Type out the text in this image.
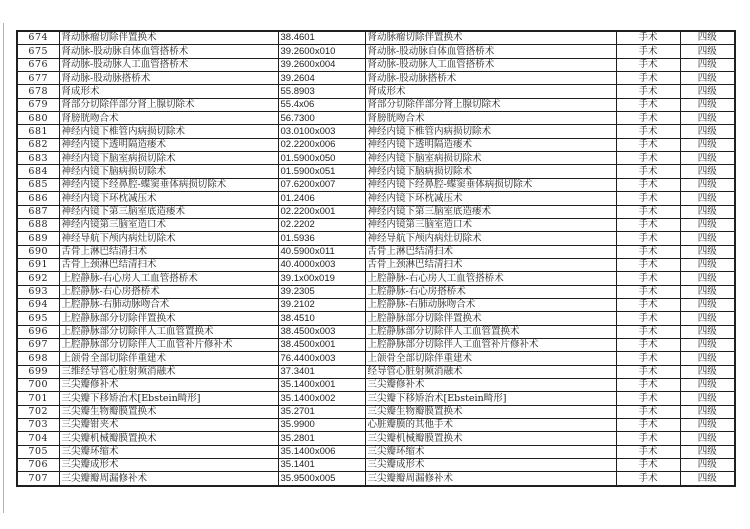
674	肾动脉瘤切除伴置换术	38.4601	肾动脉瘤切除伴置换术	手术	四级
675	肾动脉-股动脉自体血管搭桥术	39.2600x010	肾动脉-股动脉自体血管搭桥术	手术	四级
676	肾动脉-股动脉人工血管搭桥术	39.2600x004	肾动脉-股动脉人工血管搭桥术	手术	四级
677	肾动脉-股动脉搭桥术	39.2604	肾动脉-股动脉搭桥术	手术	四级
678	肾成形术	55.8903	肾成形术	手术	四级
679	肾部分切除伴部分肾上腺切除术	55.4x06	肾部分切除伴部分肾上腺切除术	手术	四级
680	肾膀胱吻合术	56.7300	肾膀胱吻合术	手术	四级
681	神经内镜下椎管内病损切除术	03.0100x003	神经内镜下椎管内病损切除术	手术	四级
682	神经内镜下透明隔造瘘术	02.2200x006	神经内镜下透明隔造瘘术	手术	四级
683	神经内镜下脑室病损切除术	01.5900x050	神经内镜下脑室病损切除术	手术	四级
684	神经内镜下脑病损切除术	01.5900x051	神经内镜下脑病损切除术	手术	四级
685	神经内镜下经鼻腔-蝶窦垂体病损切除术	07.6200x007	神经内镜下经鼻腔-蝶窦垂体病损切除术	手术	四级
686	神经内镜下环枕减压术	01.2406	神经内镜下环枕减压术	手术	四级
687	神经内镜下第三脑室底造瘘术	02.2200x001	神经内镜下第三脑室底造瘘术	手术	四级
688	神经内镜第三脑室造口术	02.2202	神经内镜第三脑室造口术	手术	四级
689	神经导航下颅内病灶切除术	01.5936	神经导航下颅内病灶切除术	手术	四级
690	舌骨上淋巴结清扫术	40.5900x011	舌骨上淋巴结清扫术	手术	四级
691	舌骨上颈淋巴结清扫术	40.4000x003	舌骨上颈淋巴结清扫术	手术	四级
692	上腔静脉-右心房人工血管搭桥术	39.1x00x019	上腔静脉-右心房人工血管搭桥术	手术	四级
693	上腔静脉-右心房搭桥术	39.2305	上腔静脉-右心房搭桥术	手术	四级
694	上腔静脉-右肺动脉吻合术	39.2102	上腔静脉-右肺动脉吻合术	手术	四级
695	上腔静脉部分切除伴置换术	38.4510	上腔静脉部分切除伴置换术	手术	四级
696	上腔静脉部分切除伴人工血管置换术	38.4500x003	上腔静脉部分切除伴人工血管置换术	手术	四级
697	上腔静脉部分切除伴人工血管补片修补术	38.4500x001	上腔静脉部分切除伴人工血管补片修补术	手术	四级
698	上颌骨全部切除伴重建术	76.4400x003	上颌骨全部切除伴重建术	手术	四级
699	三维经导管心脏射频消融术	37.3401	经导管心脏射频消融术	手术	四级
700	三尖瓣修补术	35.1400x001	三尖瓣修补术	手术	四级
701	三尖瓣下移矫治术[Ebstein畸形]	35.1400x002	三尖瓣下移矫治术[Ebstein畸形]	手术	四级
702	三尖瓣生物瓣膜置换术	35.2701	三尖瓣生物瓣膜置换术	手术	四级
703	三尖瓣钳夹术	35.9900	心脏瓣膜的其他手术	手术	四级
704	三尖瓣机械瓣膜置换术	35.2801	三尖瓣机械瓣膜置换术	手术	四级
705	三尖瓣环缩术	35.1400x006	三尖瓣环缩术	手术	四级
706	三尖瓣成形术	35.1401	三尖瓣成形术	手术	四级
707	三尖瓣瓣周漏修补术	35.9500x005	三尖瓣瓣周漏修补术	手术	四级
